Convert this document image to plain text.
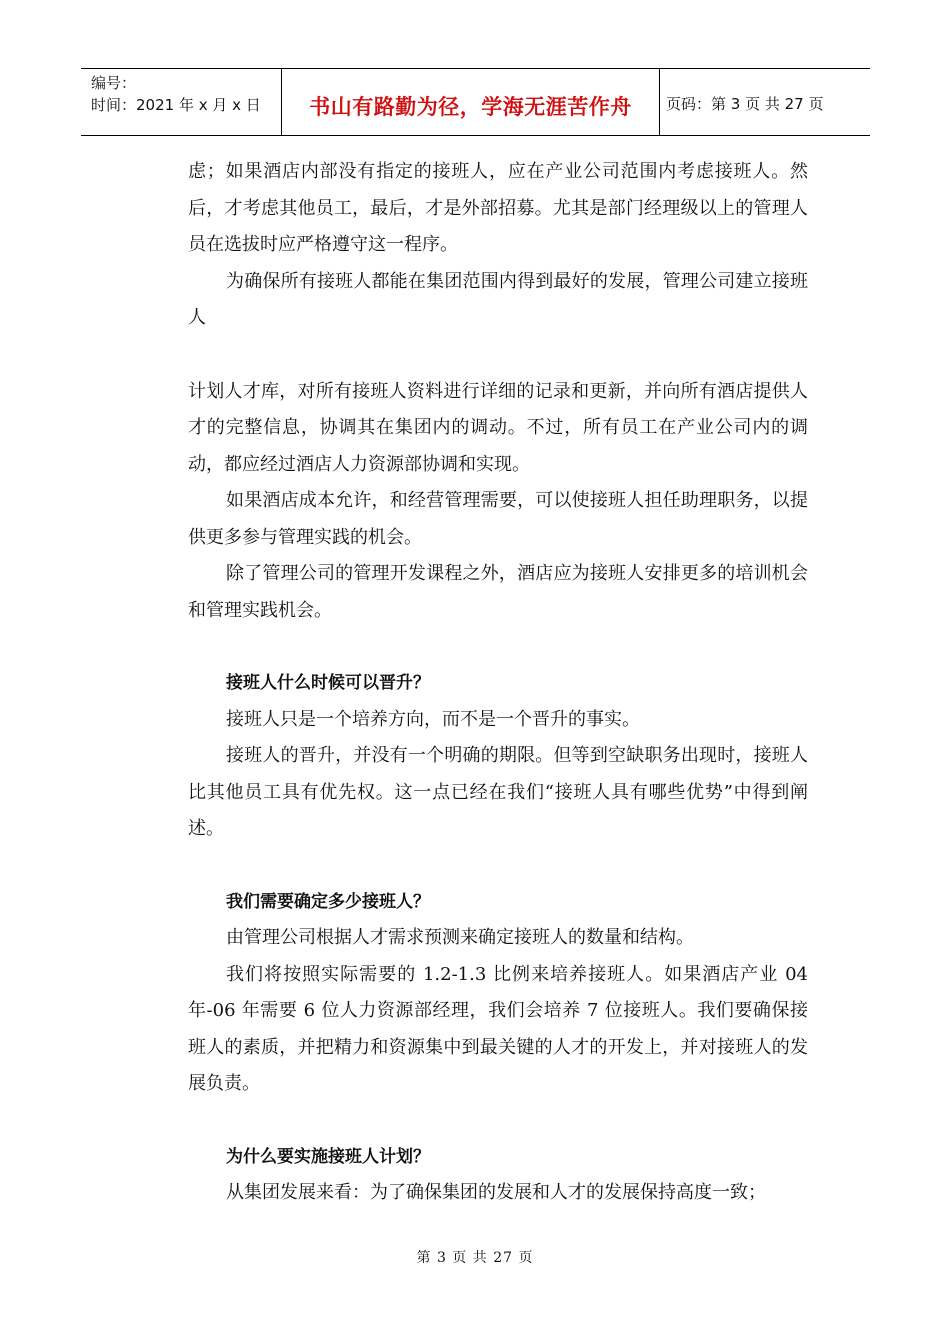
编号：
时间：2021 年 x 月 x 日	书山有路勤为径，学海无涯苦作舟	页码：第 3 页 共 27 页

虑；如果酒店内部没有指定的接班人，应在产业公司范围内考虑接班人。然后，才考虑其他员工，最后，才是外部招募。尤其是部门经理级以上的管理人员在选拔时应严格遵守这一程序。

为确保所有接班人都能在集团范围内得到最好的发展，管理公司建立接班人

计划人才库，对所有接班人资料进行详细的记录和更新，并向所有酒店提供人才的完整信息，协调其在集团内的调动。不过，所有员工在产业公司内的调动，都应经过酒店人力资源部协调和实现。

如果酒店成本允许，和经营管理需要，可以使接班人担任助理职务，以提供更多参与管理实践的机会。

除了管理公司的管理开发课程之外，酒店应为接班人安排更多的培训机会和管理实践机会。

接班人什么时候可以晋升？

接班人只是一个培养方向，而不是一个晋升的事实。

接班人的晋升，并没有一个明确的期限。但等到空缺职务出现时，接班人比其他员工具有优先权。这一点已经在我们“接班人具有哪些优势”中得到阐述。

我们需要确定多少接班人？

由管理公司根据人才需求预测来确定接班人的数量和结构。

我们将按照实际需要的 1.2-1.3 比例来培养接班人。如果酒店产业 04 年-06 年需要 6 位人力资源部经理，我们会培养 7 位接班人。我们要确保接班人的素质，并把精力和资源集中到最关键的人才的开发上，并对接班人的发展负责。

为什么要实施接班人计划？

从集团发展来看：为了确保集团的发展和人才的发展保持高度一致；

第 3 页 共 27 页
